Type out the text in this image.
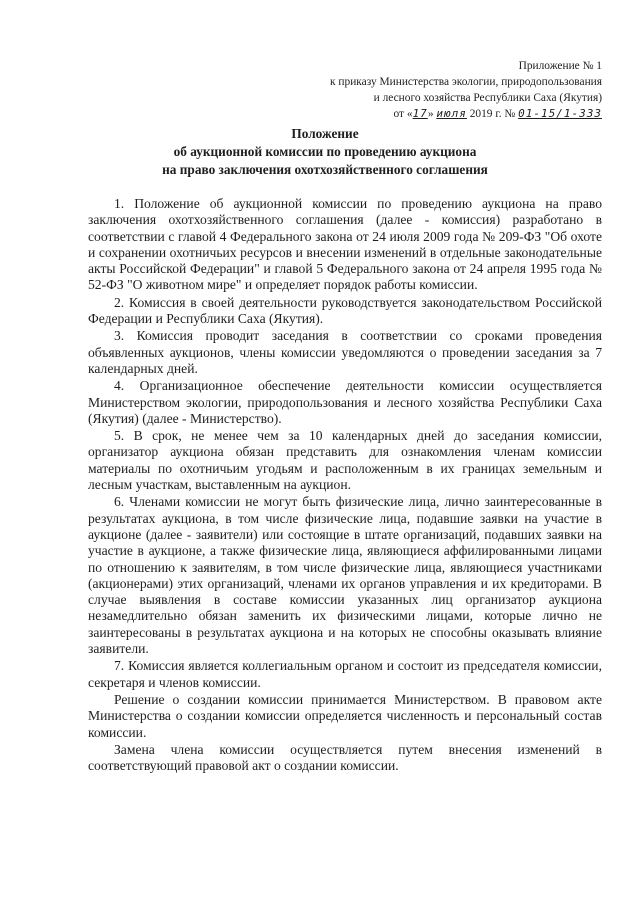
Приложение № 1
к приказу Министерства экологии, природопользования
и лесного хозяйства Республики Саха (Якутия)
от «17» июля 2019 г. № 01-15/1-333
Положение
об аукционной комиссии по проведению аукциона
на право заключения охотхозяйственного соглашения

1. Положение об аукционной комиссии по проведению аукциона на право заключения охотхозяйственного соглашения (далее - комиссия) разработано в соответствии с главой 4 Федерального закона от 24 июля 2009 года № 209-ФЗ "Об охоте и сохранении охотничьих ресурсов и внесении изменений в отдельные законодательные акты Российской Федерации" и главой 5 Федерального закона от 24 апреля 1995 года № 52-ФЗ "О животном мире" и определяет порядок работы комиссии.

2. Комиссия в своей деятельности руководствуется законодательством Российской Федерации и Республики Саха (Якутия).

3. Комиссия проводит заседания в соответствии со сроками проведения объявленных аукционов, члены комиссии уведомляются о проведении заседания за 7 календарных дней.

4. Организационное обеспечение деятельности комиссии осуществляется Министерством экологии, природопользования и лесного хозяйства Республики Саха (Якутия) (далее - Министерство).

5. В срок, не менее чем за 10 календарных дней до заседания комиссии, организатор аукциона обязан представить для ознакомления членам комиссии материалы по охотничьим угодьям и расположенным в их границах земельным и лесным участкам, выставленным на аукцион.

6. Членами комиссии не могут быть физические лица, лично заинтересованные в результатах аукциона, в том числе физические лица, подавшие заявки на участие в аукционе (далее - заявители) или состоящие в штате организаций, подавших заявки на участие в аукционе, а также физические лица, являющиеся аффилированными лицами по отношению к заявителям, в том числе физические лица, являющиеся участниками (акционерами) этих организаций, членами их органов управления и их кредиторами. В случае выявления в составе комиссии указанных лиц организатор аукциона незамедлительно обязан заменить их физическими лицами, которые лично не заинтересованы в результатах аукциона и на которых не способны оказывать влияние заявители.

7. Комиссия является коллегиальным органом и состоит из председателя комиссии, секретаря и членов комиссии.

Решение о создании комиссии принимается Министерством. В правовом акте Министерства о создании комиссии определяется численность и персональный состав комиссии.

Замена члена комиссии осуществляется путем внесения изменений в соответствующий правовой акт о создании комиссии.
